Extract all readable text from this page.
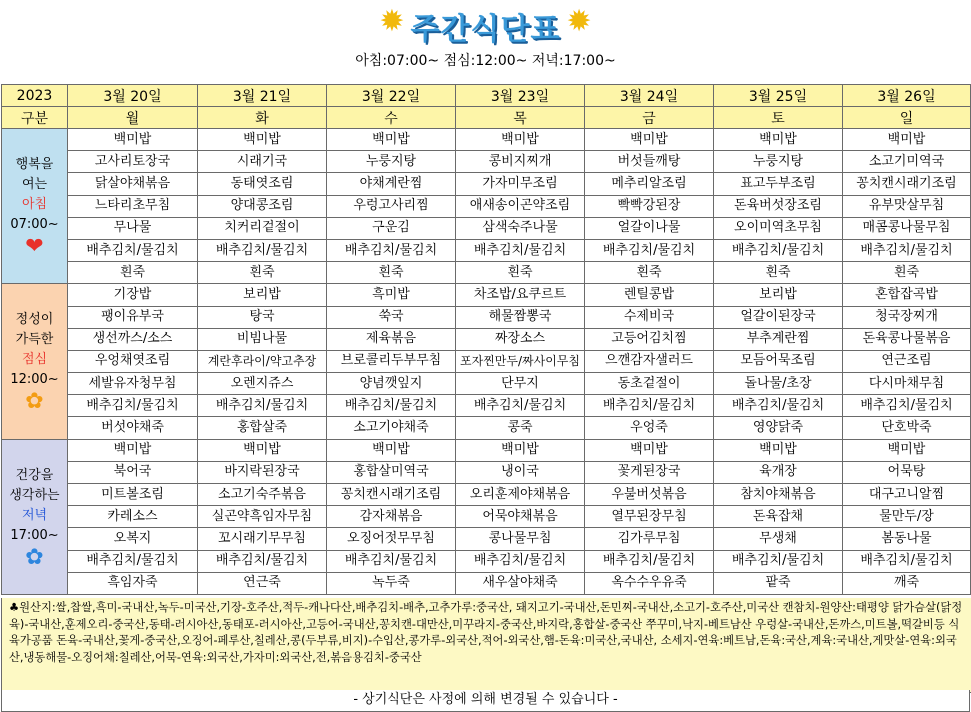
✹ 주간식단표 ✹
아침:07:00~ 점심:12:00~ 저녁:17:00~
2023	3월 20일	3월 21일	3월 22일	3월 23일	3월 24일	3월 25일	3월 26일
구분	월	화	수	목	금	토	일

행복을
여는
아침
07:00~
❤	백미밥	백미밥	백미밥	백미밥	백미밥	백미밥	백미밥
	고사리토장국	시래기국	누룽지탕	콩비지찌개	버섯들깨탕	누룽지탕	소고기미역국
	닭살야채볶음	동태엿조림	야채계란찜	가자미무조림	메추리알조림	표고두부조림	꽁치캔시래기조림
	느타리초무침	양대콩조림	우렁고사리찜	애새송이곤약조림	빡빡강된장	돈육버섯장조림	유부맛살무침
	무나물	치커리겉절이	구운김	삼색숙주나물	얼갈이나물	오이미역초무침	매콤콩나물무침
	배추김치/물김치	배추김치/물김치	배추김치/물김치	배추김치/물김치	배추김치/물김치	배추김치/물김치	배추김치/물김치
	흰죽	흰죽	흰죽	흰죽	흰죽	흰죽	흰죽

정성이
가득한
점심
12:00~
✿	기장밥	보리밥	흑미밥	차조밥/요쿠르트	렌틸콩밥	보리밥	혼합잡곡밥
	팽이유부국	탕국	쑥국	해물짬뽕국	수제비국	얼갈이된장국	청국장찌개
	생선까스/소스	비빔나물	제육볶음	짜장소스	고등어김치찜	부추계란찜	돈육콩나물볶음
	우엉채엿조림	계란후라이/약고추장	브로콜리두부무침	포자찐만두/짜사이무침	으깬감자샐러드	모듬어묵조림	연근조림
	세발유자청무침	오렌지쥬스	양념깻잎지	단무지	동초겉절이	돌나물/초장	다시마채무침
	배추김치/물김치	배추김치/물김치	배추김치/물김치	배추김치/물김치	배추김치/물김치	배추김치/물김치	배추김치/물김치
	버섯야채죽	홍합살죽	소고기야채죽	콩죽	우엉죽	영양닭죽	단호박죽

건강을
생각하는
저녁
17:00~
✿	백미밥	백미밥	백미밥	백미밥	백미밥	백미밥	백미밥
	북어국	바지락된장국	홍합살미역국	냉이국	꽃게된장국	육개장	어묵탕
	미트볼조림	소고기숙주볶음	꽁치캔시래기조림	오리훈제야채볶음	우불버섯볶음	참치야채볶음	대구고니알찜
	카레소스	실곤약흑임자무침	감자채볶음	어묵야채볶음	열무된장무침	돈육잡채	물만두/장
	오복지	꼬시래기무무침	오징어젓무무침	콩나물무침	김가루무침	무생채	봄동나물
	배추김치/물김치	배추김치/물김치	배추김치/물김치	배추김치/물김치	배추김치/물김치	배추김치/물김치	배추김치/물김치
	흑임자죽	연근죽	녹두죽	새우살야채죽	옥수수우유죽	팥죽	깨죽
♣원산지:쌀,찹쌀,흑미-국내산,녹두-미국산,기장-호주산,적두-캐나다산,배추김치-배추,고추가루:중국산, 돼지고기-국내산,돈민찌-국내산,소고기-호주산,미국산 캔참치-원양산:태평양 닭가슴살(닭정육)-국내산,훈제오리-중국산,동태-러시아산,동태포-러시아산,고등어-국내산,꽁치캔-대만산,미꾸라지-중국산,바지락,홍합살-중국산 쭈꾸미,낙지-베트남산 우렁살-국내산,돈까스,미트볼,떡갈비등 식육가공품 돈육-국내산,꽃게-중국산,오징어-페루산,칠레산,콩(두부류,비지)-수입산,콩가루-외국산,적어-외국산,햄-돈육:미국산,국내산, 소세지-연육:베트남,돈육:국산,계육:국내산,게맛살-연육:외국산,냉동해물-오징어채:칠레산,어묵-연육:외국산,가자미:외국산,전,볶음용김치-중국산
- 상기식단은 사정에 의해 변경될 수 있습니다 -
